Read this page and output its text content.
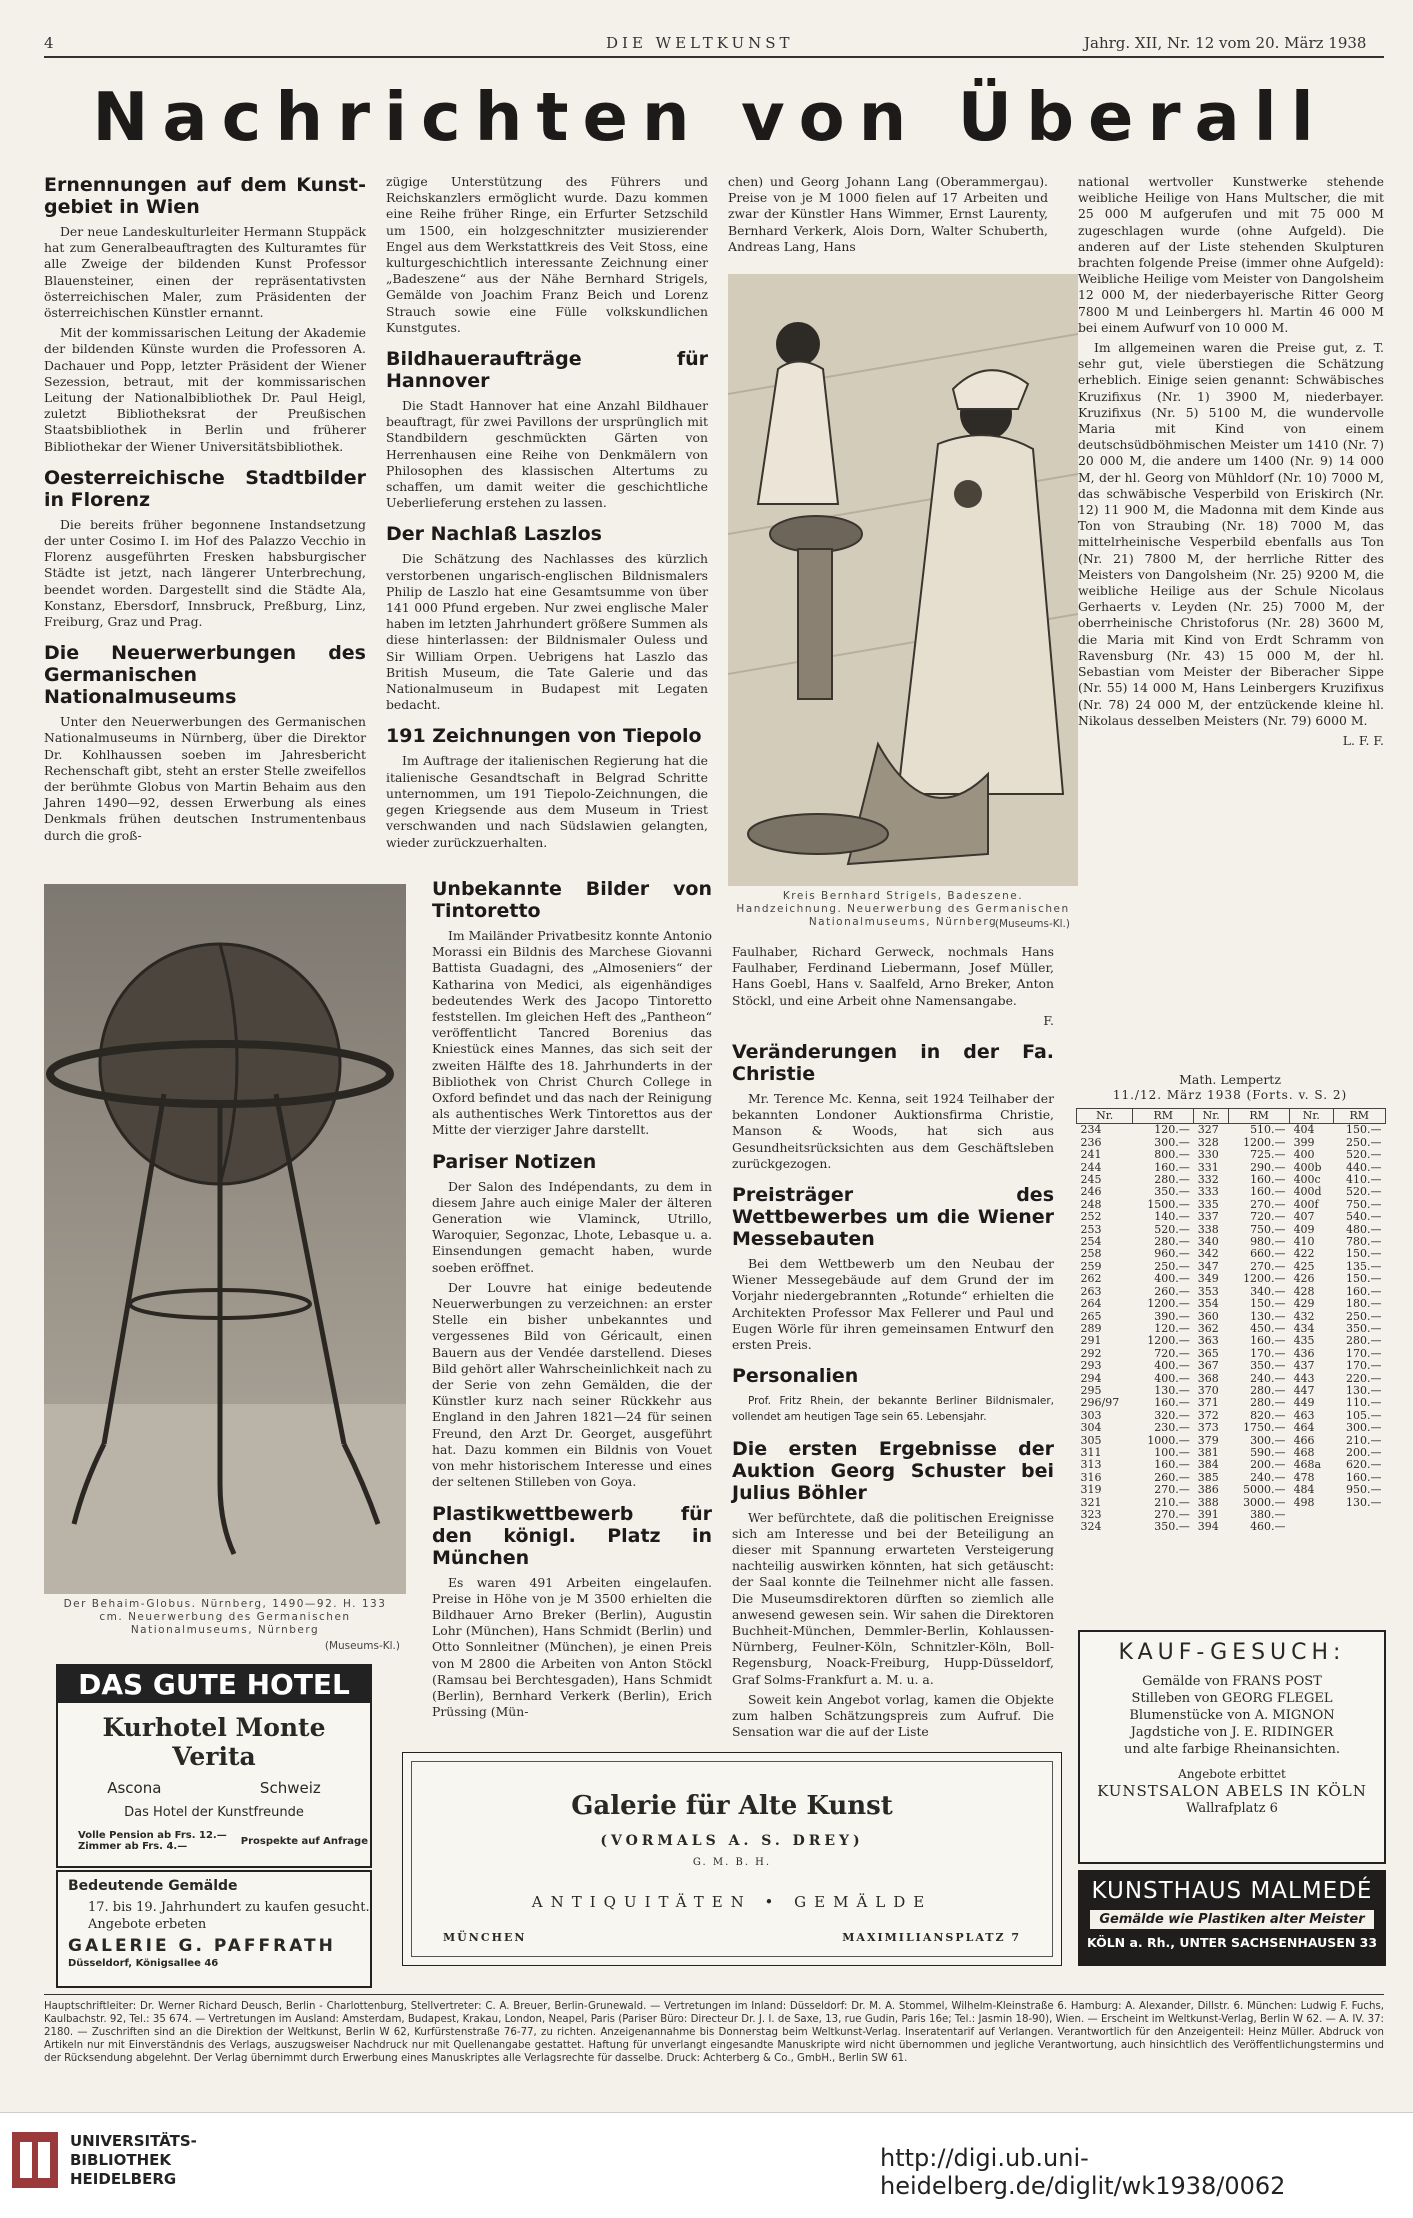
4	DIE WELTKUNST	Jahrg. XII, Nr. 12 vom 20. März 1938
Nachrichten von Überall
Ernennungen auf dem Kunst-gebiet in Wien

Der neue Landeskulturleiter Hermann Stuppäck hat zum Generalbeauftragten des Kulturamtes für alle Zweige der bildenden Kunst Professor Blauensteiner, einen der repräsentativsten österreichischen Maler, zum Präsidenten der österreichischen Künstler ernannt.

Mit der kommissarischen Leitung der Akademie der bildenden Künste wurden die Professoren A. Dachauer und Popp, letzter Präsident der Wiener Sezession, betraut, mit der kommissarischen Leitung der Nationalbibliothek Dr. Paul Heigl, zuletzt Bibliotheksrat der Preußischen Staatsbibliothek in Berlin und früherer Bibliothekar der Wiener Universitätsbibliothek.

Oesterreichische Stadtbilder in Florenz

Die bereits früher begonnene Instandsetzung der unter Cosimo I. im Hof des Palazzo Vecchio in Florenz ausgeführten Fresken habsburgischer Städte ist jetzt, nach längerer Unterbrechung, beendet worden. Dargestellt sind die Städte Ala, Konstanz, Ebersdorf, Innsbruck, Preßburg, Linz, Freiburg, Graz und Prag.

Die Neuerwerbungen des Germanischen Nationalmuseums

Unter den Neuerwerbungen des Germanischen Nationalmuseums in Nürnberg, über die Direktor Dr. Kohlhaussen soeben im Jahresbericht Rechenschaft gibt, steht an erster Stelle zweifellos der berühmte Globus von Martin Behaim aus den Jahren 1490—92, dessen Erwerbung als eines Denkmals frühen deutschen Instrumentenbaus durch die groß-

zügige Unterstützung des Führers und Reichskanzlers ermöglicht wurde. Dazu kommen eine Reihe früher Ringe, ein Erfurter Setzschild um 1500, ein holzgeschnitzter musizierender Engel aus dem Werkstattkreis des Veit Stoss, eine kulturgeschichtlich interessante Zeichnung einer „Badeszene“ aus der Nähe Bernhard Strigels, Gemälde von Joachim Franz Beich und Lorenz Strauch sowie eine Fülle volkskundlichen Kunstgutes.

Bildhaueraufträge für Hannover

Die Stadt Hannover hat eine Anzahl Bildhauer beauftragt, für zwei Pavillons der ursprünglich mit Standbildern geschmückten Gärten von Herrenhausen eine Reihe von Denkmälern von Philosophen des klassischen Altertums zu schaffen, um damit weiter die geschichtliche Ueberlieferung erstehen zu lassen.

Der Nachlaß Laszlos

Die Schätzung des Nachlasses des kürzlich verstorbenen ungarisch-englischen Bildnismalers Philip de Laszlo hat eine Gesamtsumme von über 141 000 Pfund ergeben. Nur zwei englische Maler haben im letzten Jahrhundert größere Summen als diese hinterlassen: der Bildnismaler Ouless und Sir William Orpen. Uebrigens hat Laszlo das British Museum, die Tate Galerie und das Nationalmuseum in Budapest mit Legaten bedacht.

191 Zeichnungen von Tiepolo

Im Auftrage der italienischen Regierung hat die italienische Gesandtschaft in Belgrad Schritte unternommen, um 191 Tiepolo-Zeichnungen, die gegen Kriegsende aus dem Museum in Triest verschwanden und nach Südslawien gelangten, wieder zurückzuerhalten.

Der Behaim-Globus. Nürnberg, 1490—92. H. 133 cm. Neuerwerbung des Germanischen Nationalmuseums, Nürnberg
(Museums-Kl.)
Unbekannte Bilder von Tintoretto

Im Mailänder Privatbesitz konnte Antonio Morassi ein Bildnis des Marchese Giovanni Battista Guadagni, des „Almoseniers“ der Katharina von Medici, als eigenhändiges bedeutendes Werk des Jacopo Tintoretto feststellen. Im gleichen Heft des „Pantheon“ veröffentlicht Tancred Borenius das Kniestück eines Mannes, das sich seit der zweiten Hälfte des 18. Jahrhunderts in der Bibliothek von Christ Church College in Oxford befindet und das nach der Reinigung als authentisches Werk Tintorettos aus der Mitte der vierziger Jahre darstellt.

Pariser Notizen

Der Salon des Indépendants, zu dem in diesem Jahre auch einige Maler der älteren Generation wie Vlaminck, Utrillo, Waroquier, Segonzac, Lhote, Lebasque u. a. Einsendungen gemacht haben, wurde soeben eröffnet.

Der Louvre hat einige bedeutende Neuerwerbungen zu verzeichnen: an erster Stelle ein bisher unbekanntes und vergessenes Bild von Géricault, einen Bauern aus der Vendée darstellend. Dieses Bild gehört aller Wahrscheinlichkeit nach zu der Serie von zehn Gemälden, die der Künstler kurz nach seiner Rückkehr aus England in den Jahren 1821—24 für seinen Freund, den Arzt Dr. Georget, ausgeführt hat. Dazu kommen ein Bildnis von Vouet von mehr historischem Interesse und eines der seltenen Stilleben von Goya.

Plastikwettbewerb für den königl. Platz in München

Es waren 491 Arbeiten eingelaufen. Preise in Höhe von je M 3500 erhielten die Bildhauer Arno Breker (Berlin), Augustin Lohr (München), Hans Schmidt (Berlin) und Otto Sonnleitner (München), je einen Preis von M 2800 die Arbeiten von Anton Stöckl (Ramsau bei Berchtesgaden), Hans Schmidt (Berlin), Bernhard Verkerk (Berlin), Erich Prüssing (Mün-

chen) und Georg Johann Lang (Oberammergau). Preise von je M 1000 fielen auf 17 Arbeiten und zwar der Künstler Hans Wimmer, Ernst Laurenty, Bernhard Verkerk, Alois Dorn, Walter Schuberth, Andreas Lang, Hans

Kreis Bernhard Strigels, Badeszene. Handzeichnung. Neuerwerbung des Germanischen Nationalmuseums, Nürnberg
(Museums-Kl.)

Faulhaber, Richard Gerweck, nochmals Hans Faulhaber, Ferdinand Liebermann, Josef Müller, Hans Goebl, Hans v. Saalfeld, Arno Breker, Anton Stöckl, und eine Arbeit ohne Namensangabe.

F.
Veränderungen in der Fa. Christie

Mr. Terence Mc. Kenna, seit 1924 Teilhaber der bekannten Londoner Auktionsfirma Christie, Manson & Woods, hat sich aus Gesundheitsrücksichten aus dem Geschäftsleben zurückgezogen.

Preisträger des Wettbewerbes um die Wiener Messebauten

Bei dem Wettbewerb um den Neubau der Wiener Messegebäude auf dem Grund der im Vorjahr niedergebrannten „Rotunde“ erhielten die Architekten Professor Max Fellerer und Paul und Eugen Wörle für ihren gemeinsamen Entwurf den ersten Preis.

Personalien

Prof. Fritz Rhein, der bekannte Berliner Bildnismaler, vollendet am heutigen Tage sein 65. Lebensjahr.

Die ersten Ergebnisse der Auktion Georg Schuster bei Julius Böhler

Wer befürchtete, daß die politischen Ereignisse sich am Interesse und bei der Beteiligung an dieser mit Spannung erwarteten Versteigerung nachteilig auswirken könnten, hat sich getäuscht: der Saal konnte die Teilnehmer nicht alle fassen. Die Museumsdirektoren dürften so ziemlich alle anwesend gewesen sein. Wir sahen die Direktoren Buchheit-München, Demmler-Berlin, Kohlaussen-Nürnberg, Feulner-Köln, Schnitzler-Köln, Boll-Regensburg, Noack-Freiburg, Hupp-Düsseldorf, Graf Solms-Frankfurt a. M. u. a.

Soweit kein Angebot vorlag, kamen die Objekte zum halben Schätzungspreis zum Aufruf. Die Sensation war die auf der Liste

national wertvoller Kunstwerke stehende weibliche Heilige von Hans Multscher, die mit 25 000 M aufgerufen und mit 75 000 M zugeschlagen wurde (ohne Aufgeld). Die anderen auf der Liste stehenden Skulpturen brachten folgende Preise (immer ohne Aufgeld): Weibliche Heilige vom Meister von Dangolsheim 12 000 M, der niederbayerische Ritter Georg 7800 M und Leinbergers hl. Martin 46 000 M bei einem Aufwurf von 10 000 M.

Im allgemeinen waren die Preise gut, z. T. sehr gut, viele überstiegen die Schätzung erheblich. Einige seien genannt: Schwäbisches Kruzifixus (Nr. 1) 3900 M, niederbayer. Kruzifixus (Nr. 5) 5100 M, die wundervolle Maria mit Kind von einem deutschsüdböhmischen Meister um 1410 (Nr. 7) 20 000 M, die andere um 1400 (Nr. 9) 14 000 M, der hl. Georg von Mühldorf (Nr. 10) 7000 M, das schwäbische Vesperbild von Eriskirch (Nr. 12) 11 900 M, die Madonna mit dem Kinde aus Ton von Straubing (Nr. 18) 7000 M, das mittelrheinische Vesperbild ebenfalls aus Ton (Nr. 21) 7800 M, der herrliche Ritter des Meisters von Dangolsheim (Nr. 25) 9200 M, die weibliche Heilige aus der Schule Nicolaus Gerhaerts v. Leyden (Nr. 25) 7000 M, der oberrheinische Christoforus (Nr. 28) 3600 M, die Maria mit Kind von Erdt Schramm von Ravensburg (Nr. 43) 15 000 M, der hl. Sebastian vom Meister der Biberacher Sippe (Nr. 55) 14 000 M, Hans Leinbergers Kruzifixus (Nr. 78) 24 000 M, der entzückende kleine hl. Nikolaus desselben Meisters (Nr. 79) 6000 M.

L. F. F.
Math. Lempertz
11./12. März 1938 (Forts. v. S. 2)
Nr.	RM	Nr.	RM	Nr.	RM
234	120.—	327	510.—	404	150.—
236	300.—	328	1200.—	399	250.—
241	800.—	330	725.—	400	520.—
244	160.—	331	290.—	400b	440.—
245	280.—	332	160.—	400c	410.—
246	350.—	333	160.—	400d	520.—
248	1500.—	335	270.—	400f	750.—
252	140.—	337	720.—	407	540.—
253	520.—	338	750.—	409	480.—
254	280.—	340	980.—	410	780.—
258	960.—	342	660.—	422	150.—
259	250.—	347	270.—	425	135.—
262	400.—	349	1200.—	426	150.—
263	260.—	353	340.—	428	160.—
264	1200.—	354	150.—	429	180.—
265	390.—	360	130.—	432	250.—
289	120.—	362	450.—	434	350.—
291	1200.—	363	160.—	435	280.—
292	720.—	365	170.—	436	170.—
293	400.—	367	350.—	437	170.—
294	400.—	368	240.—	443	220.—
295	130.—	370	280.—	447	130.—
296/97	160.—	371	280.—	449	110.—
303	320.—	372	820.—	463	105.—
304	230.—	373	1750.—	464	300.—
305	1000.—	379	300.—	466	210.—
311	100.—	381	590.—	468	200.—
313	160.—	384	200.—	468a	620.—
316	260.—	385	240.—	478	160.—
319	270.—	386	5000.—	484	950.—
321	210.—	388	3000.—	498	130.—
323	270.—	391	380.—		
324	350.—	394	460.—		
DAS GUTE HOTEL
Kurhotel Monte Verita
Ascona	Schweiz
Das Hotel der Kunstfreunde
Volle Pension ab Frs. 12.—
Zimmer ab Frs. 4.—	Prospekte auf Anfrage
Bedeutende Gemälde
17. bis 19. Jahrhundert zu kaufen gesucht.
Angebote erbeten
GALERIE G. PAFFRATH
Düsseldorf, Königsallee 46
Galerie für Alte Kunst
(VORMALS A. S. DREY)
G. M. B. H.
ANTIQUITÄTEN • GEMÄLDE
MÜNCHEN	MAXIMILIANSPLATZ 7
KAUF-GESUCH:
Gemälde von FRANS POST
Stilleben von GEORG FLEGEL
Blumenstücke von A. MIGNON
Jagdstiche von J. E. RIDINGER
und alte farbige Rheinansichten.
Angebote erbittet
KUNSTSALON ABELS IN KÖLN
Wallrafplatz 6
KUNSTHAUS MALMEDÉ
Gemälde wie Plastiken alter Meister
KÖLN a. Rh., UNTER SACHSENHAUSEN 33
Hauptschriftleiter: Dr. Werner Richard Deusch, Berlin - Charlottenburg, Stellvertreter: C. A. Breuer, Berlin-Grunewald. — Vertretungen im Inland: Düsseldorf: Dr. M. A. Stommel, Wilhelm-Kleinstraße 6. Hamburg: A. Alexander, Dillstr. 6. München: Ludwig F. Fuchs, Kaulbachstr. 92, Tel.: 35 674. — Vertretungen im Ausland: Amsterdam, Budapest, Krakau, London, Neapel, Paris (Pariser Büro: Directeur Dr. J. I. de Saxe, 13, rue Gudin, Paris 16e; Tel.: Jasmin 18-90), Wien. — Erscheint im Weltkunst-Verlag, Berlin W 62. — A. IV. 37: 2180. — Zuschriften sind an die Direktion der Weltkunst, Berlin W 62, Kurfürstenstraße 76-77, zu richten. Anzeigenannahme bis Donnerstag beim Weltkunst-Verlag. Inseratentarif auf Verlangen. Verantwortlich für den Anzeigenteil: Heinz Müller. Abdruck von Artikeln nur mit Einverständnis des Verlags, auszugsweiser Nachdruck nur mit Quellenangabe gestattet. Haftung für unverlangt eingesandte Manuskripte wird nicht übernommen und jegliche Verantwortung, auch hinsichtlich des Veröffentlichungstermins und der Rücksendung abgelehnt. Der Verlag übernimmt durch Erwerbung eines Manuskriptes alle Verlagsrechte für dasselbe. Druck: Achterberg & Co., GmbH., Berlin SW 61.
UNIVERSITÄTS-
BIBLIOTHEK
HEIDELBERG
http://digi.ub.uni-heidelberg.de/diglit/wk1938/0062
